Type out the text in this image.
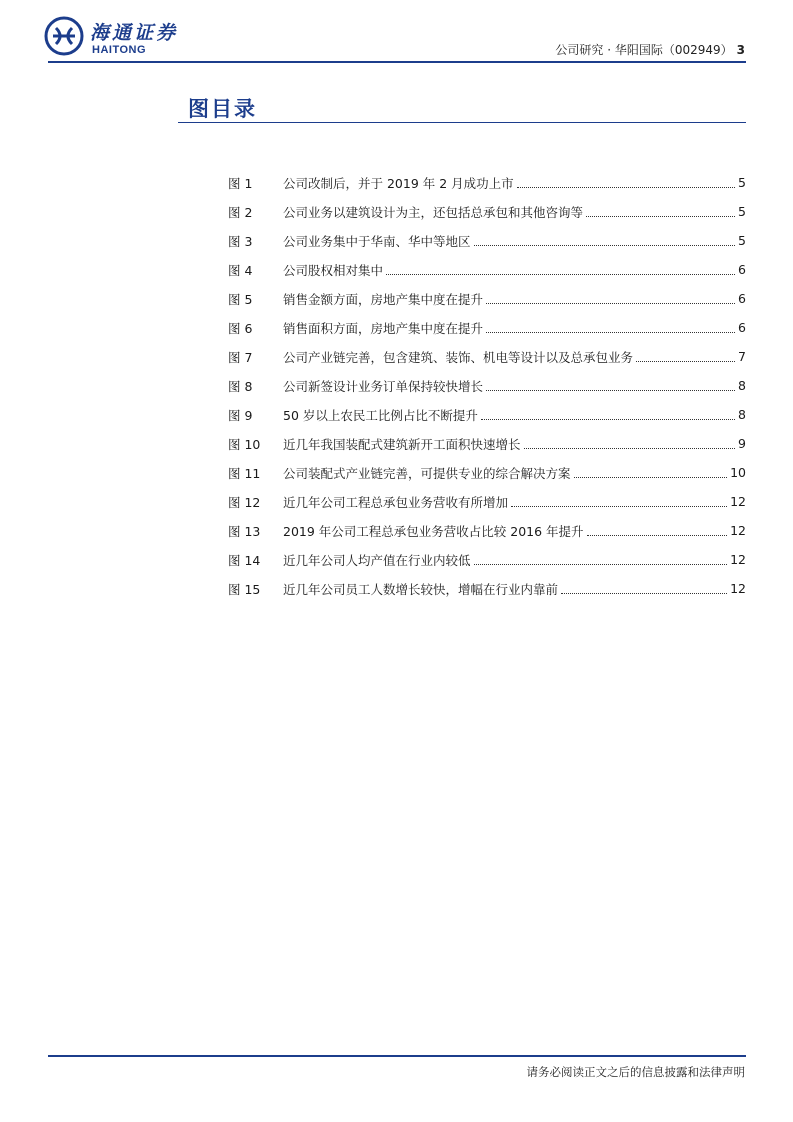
海通证券
HAITONG	公司研究 · 华阳国际（002949） 3
图目录
图 1	公司改制后，并于 2019 年 2 月成功上市	5
图 2	公司业务以建筑设计为主，还包括总承包和其他咨询等	5
图 3	公司业务集中于华南、华中等地区	5
图 4	公司股权相对集中	6
图 5	销售金额方面，房地产集中度在提升	6
图 6	销售面积方面，房地产集中度在提升	6
图 7	公司产业链完善，包含建筑、装饰、机电等设计以及总承包业务	7
图 8	公司新签设计业务订单保持较快增长	8
图 9	50 岁以上农民工比例占比不断提升	8
图 10	近几年我国装配式建筑新开工面积快速增长	9
图 11	公司装配式产业链完善，可提供专业的综合解决方案	10
图 12	近几年公司工程总承包业务营收有所增加	12
图 13	2019 年公司工程总承包业务营收占比较 2016 年提升	12
图 14	近几年公司人均产值在行业内较低	12
图 15	近几年公司员工人数增长较快，增幅在行业内靠前	12
请务必阅读正文之后的信息披露和法律声明
